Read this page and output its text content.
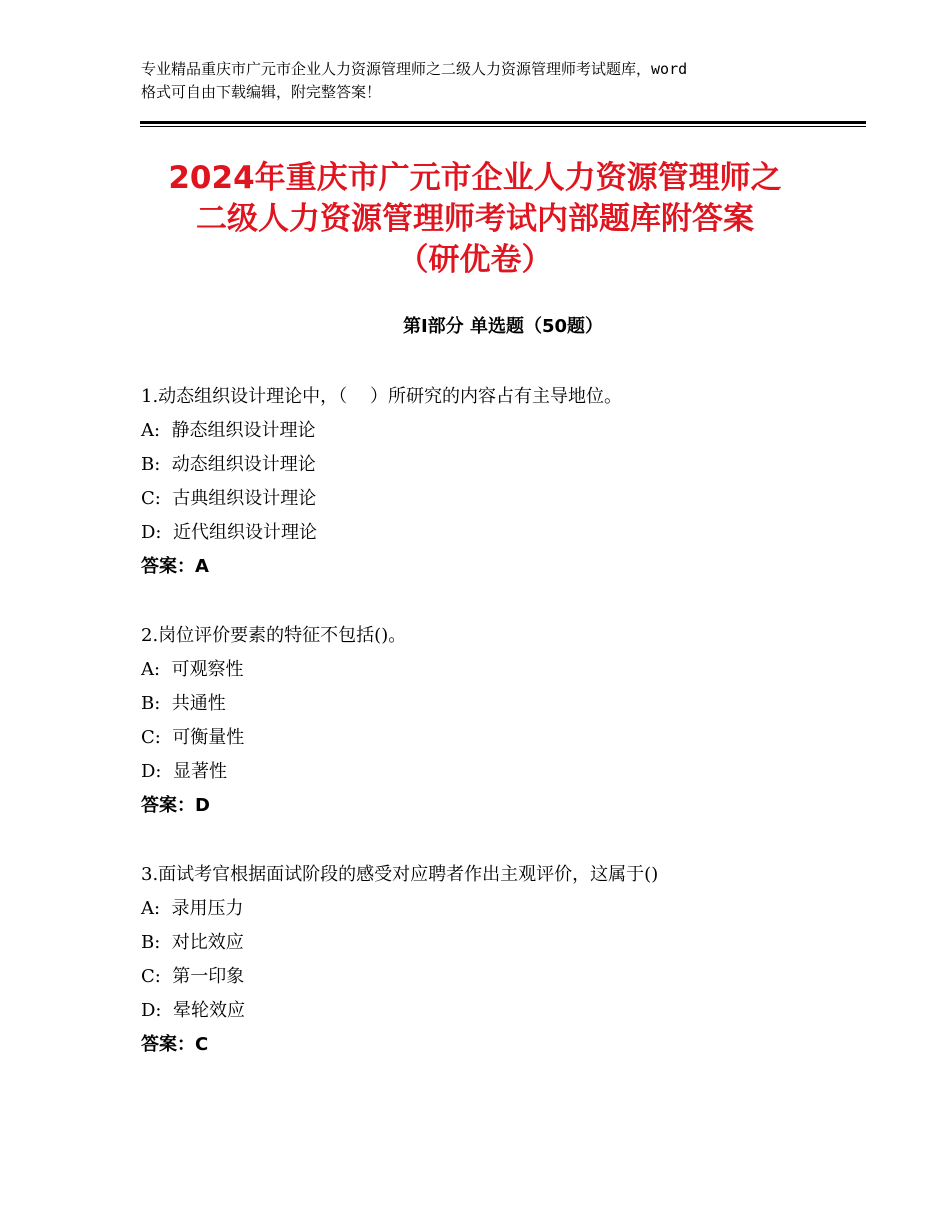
专业精品重庆市广元市企业人力资源管理师之二级人力资源管理师考试题库，word
格式可自由下载编辑，附完整答案！
2024年重庆市广元市企业人力资源管理师之
二级人力资源管理师考试内部题库附答案
（研优卷）
第Ⅰ部分 单选题（50题）
1.动态组织设计理论中，（    ）所研究的内容占有主导地位。
A:  静态组织设计理论
B:  动态组织设计理论
C:  古典组织设计理论
D:  近代组织设计理论
答案：A
2.岗位评价要素的特征不包括()。
A:  可观察性
B:  共通性
C:  可衡量性
D:  显著性
答案：D
3.面试考官根据面试阶段的感受对应聘者作出主观评价，这属于()
A:  录用压力
B:  对比效应
C:  第一印象
D:  晕轮效应
答案：C
